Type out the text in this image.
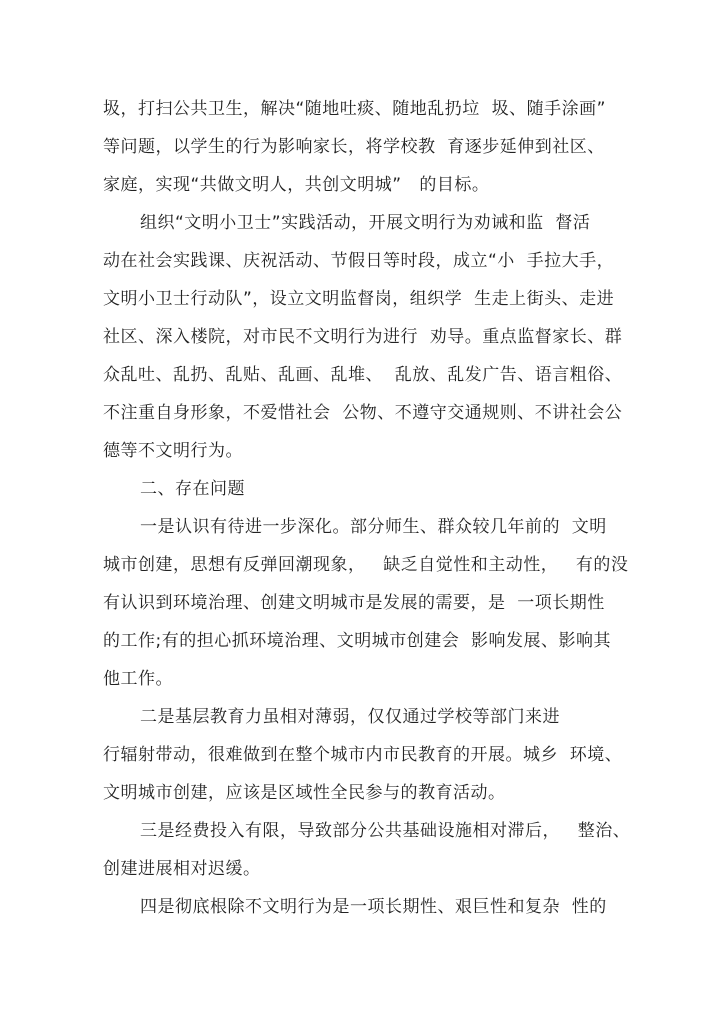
圾，打扫公共卫生，解决“随地吐痰、随地乱扔垃  圾、随手涂画”
等问题，以学生的行为影响家长，将学校教  育逐步延伸到社区、
家庭，实现“共做文明人，共创文明城”   的目标。
组织“文明小卫士”实践活动，开展文明行为劝诫和监  督活
动在社会实践课、庆祝活动、节假日等时段，成立“小  手拉大手，
文明小卫士行动队”，设立文明监督岗，组织学  生走上街头、走进
社区、深入楼院，对市民不文明行为进行  劝导。重点监督家长、群
众乱吐、乱扔、乱贴、乱画、乱堆、  乱放、乱发广告、语言粗俗、
不注重自身形象，不爱惜社会  公物、不遵守交通规则、不讲社会公
德等不文明行为。
二、存在问题
一是认识有待进一步深化。部分师生、群众较几年前的  文明
城市创建，思想有反弹回潮现象，   缺乏自觉性和主动性，   有的没
有认识到环境治理、创建文明城市是发展的需要，是  一项长期性
的工作;有的担心抓环境治理、文明城市创建会  影响发展、影响其
他工作。
二是基层教育力虽相对薄弱，仅仅通过学校等部门来进
行辐射带动，很难做到在整个城市内市民教育的开展。城乡  环境、
文明城市创建，应该是区域性全民参与的教育活动。
三是经费投入有限，导致部分公共基础设施相对滞后，   整治、
创建进展相对迟缓。
四是彻底根除不文明行为是一项长期性、艰巨性和复杂  性的
